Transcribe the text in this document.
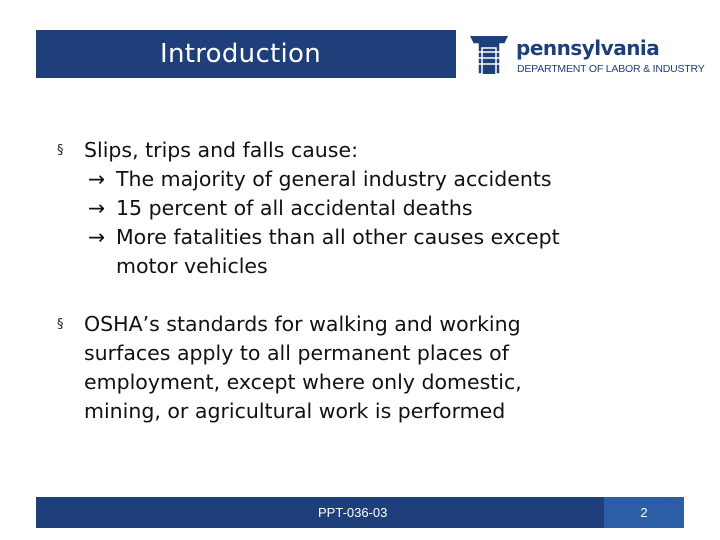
Introduction	pennsylvania
DEPARTMENT OF LABOR & INDUSTRY
§ Slips, trips and falls cause:
→ The majority of general industry accidents
→ 15 percent of all accidental deaths
→ More fatalities than all other causes except
motor vehicles
§ OSHA’s standards for walking and working
surfaces apply to all permanent places of
employment, except where only domestic,
mining, or agricultural work is performed
PPT-036-03	2
